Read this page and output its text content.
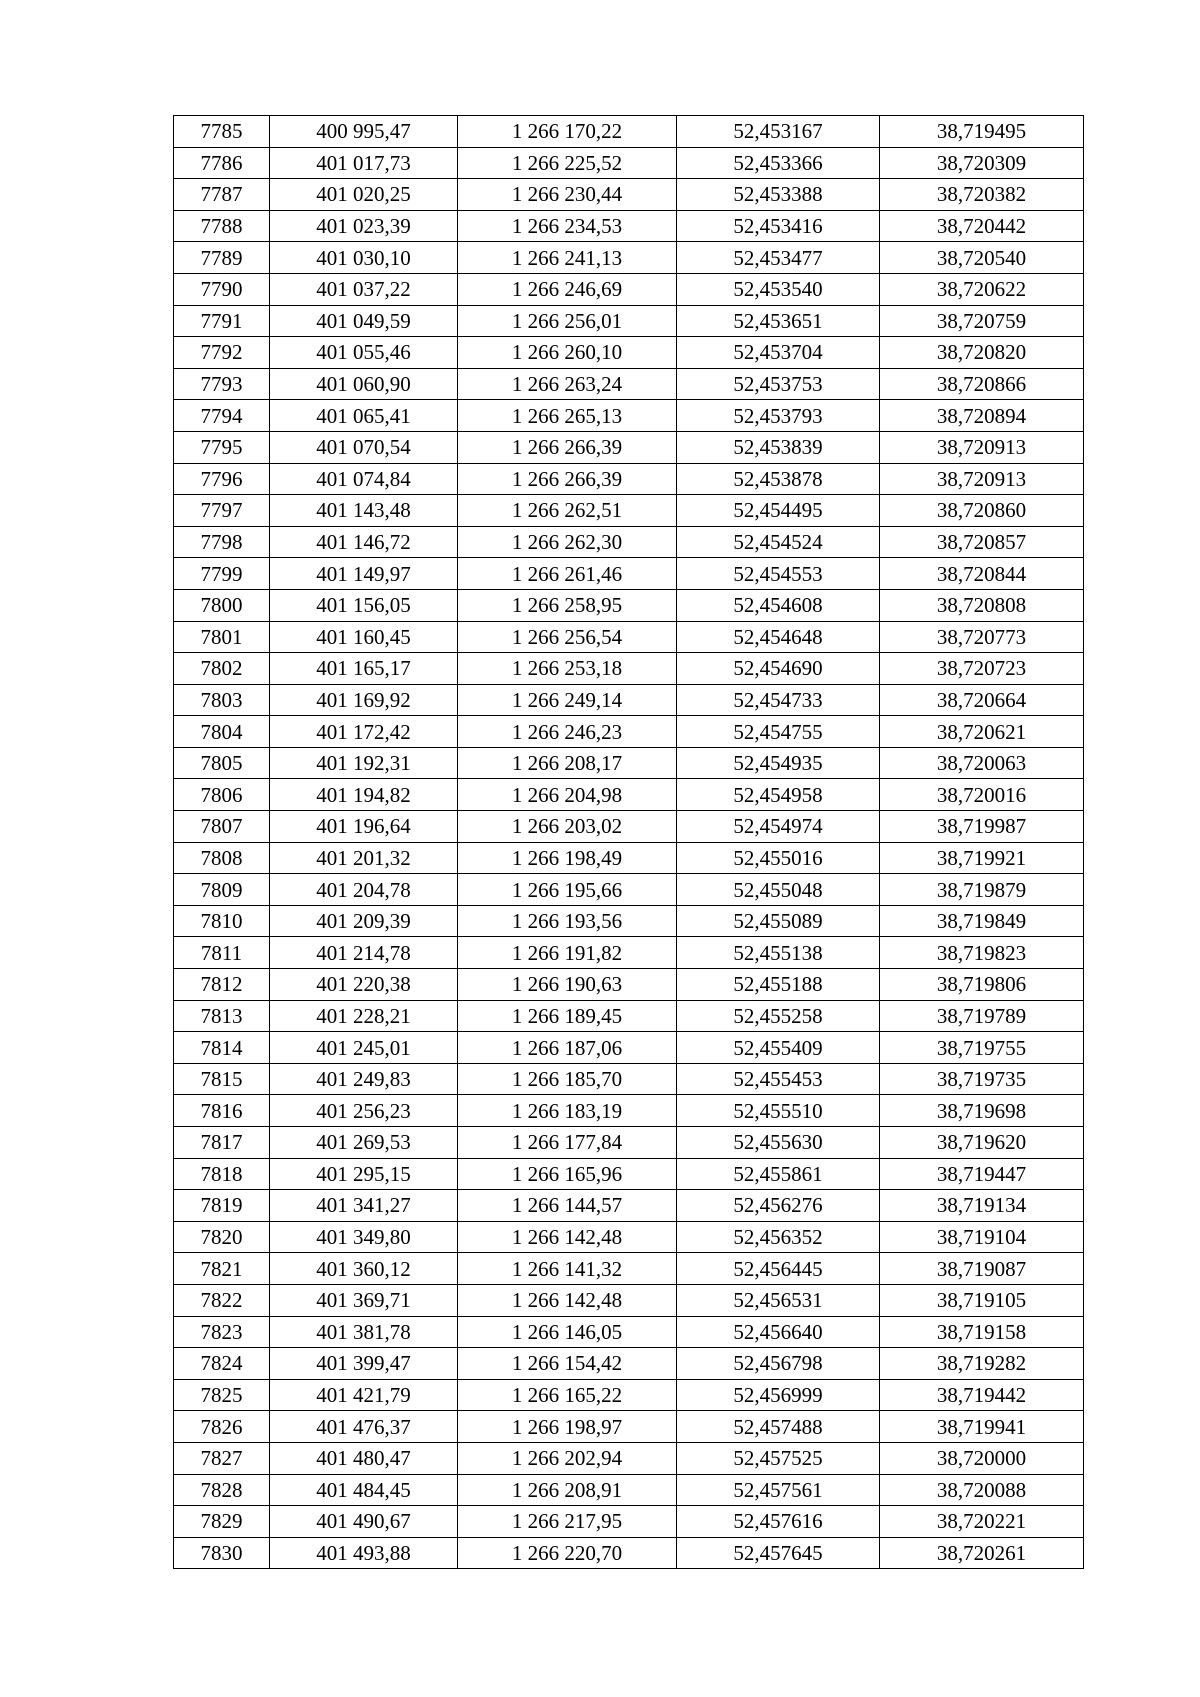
7785	400 995,47	1 266 170,22	52,453167	38,719495
7786	401 017,73	1 266 225,52	52,453366	38,720309
7787	401 020,25	1 266 230,44	52,453388	38,720382
7788	401 023,39	1 266 234,53	52,453416	38,720442
7789	401 030,10	1 266 241,13	52,453477	38,720540
7790	401 037,22	1 266 246,69	52,453540	38,720622
7791	401 049,59	1 266 256,01	52,453651	38,720759
7792	401 055,46	1 266 260,10	52,453704	38,720820
7793	401 060,90	1 266 263,24	52,453753	38,720866
7794	401 065,41	1 266 265,13	52,453793	38,720894
7795	401 070,54	1 266 266,39	52,453839	38,720913
7796	401 074,84	1 266 266,39	52,453878	38,720913
7797	401 143,48	1 266 262,51	52,454495	38,720860
7798	401 146,72	1 266 262,30	52,454524	38,720857
7799	401 149,97	1 266 261,46	52,454553	38,720844
7800	401 156,05	1 266 258,95	52,454608	38,720808
7801	401 160,45	1 266 256,54	52,454648	38,720773
7802	401 165,17	1 266 253,18	52,454690	38,720723
7803	401 169,92	1 266 249,14	52,454733	38,720664
7804	401 172,42	1 266 246,23	52,454755	38,720621
7805	401 192,31	1 266 208,17	52,454935	38,720063
7806	401 194,82	1 266 204,98	52,454958	38,720016
7807	401 196,64	1 266 203,02	52,454974	38,719987
7808	401 201,32	1 266 198,49	52,455016	38,719921
7809	401 204,78	1 266 195,66	52,455048	38,719879
7810	401 209,39	1 266 193,56	52,455089	38,719849
7811	401 214,78	1 266 191,82	52,455138	38,719823
7812	401 220,38	1 266 190,63	52,455188	38,719806
7813	401 228,21	1 266 189,45	52,455258	38,719789
7814	401 245,01	1 266 187,06	52,455409	38,719755
7815	401 249,83	1 266 185,70	52,455453	38,719735
7816	401 256,23	1 266 183,19	52,455510	38,719698
7817	401 269,53	1 266 177,84	52,455630	38,719620
7818	401 295,15	1 266 165,96	52,455861	38,719447
7819	401 341,27	1 266 144,57	52,456276	38,719134
7820	401 349,80	1 266 142,48	52,456352	38,719104
7821	401 360,12	1 266 141,32	52,456445	38,719087
7822	401 369,71	1 266 142,48	52,456531	38,719105
7823	401 381,78	1 266 146,05	52,456640	38,719158
7824	401 399,47	1 266 154,42	52,456798	38,719282
7825	401 421,79	1 266 165,22	52,456999	38,719442
7826	401 476,37	1 266 198,97	52,457488	38,719941
7827	401 480,47	1 266 202,94	52,457525	38,720000
7828	401 484,45	1 266 208,91	52,457561	38,720088
7829	401 490,67	1 266 217,95	52,457616	38,720221
7830	401 493,88	1 266 220,70	52,457645	38,720261
